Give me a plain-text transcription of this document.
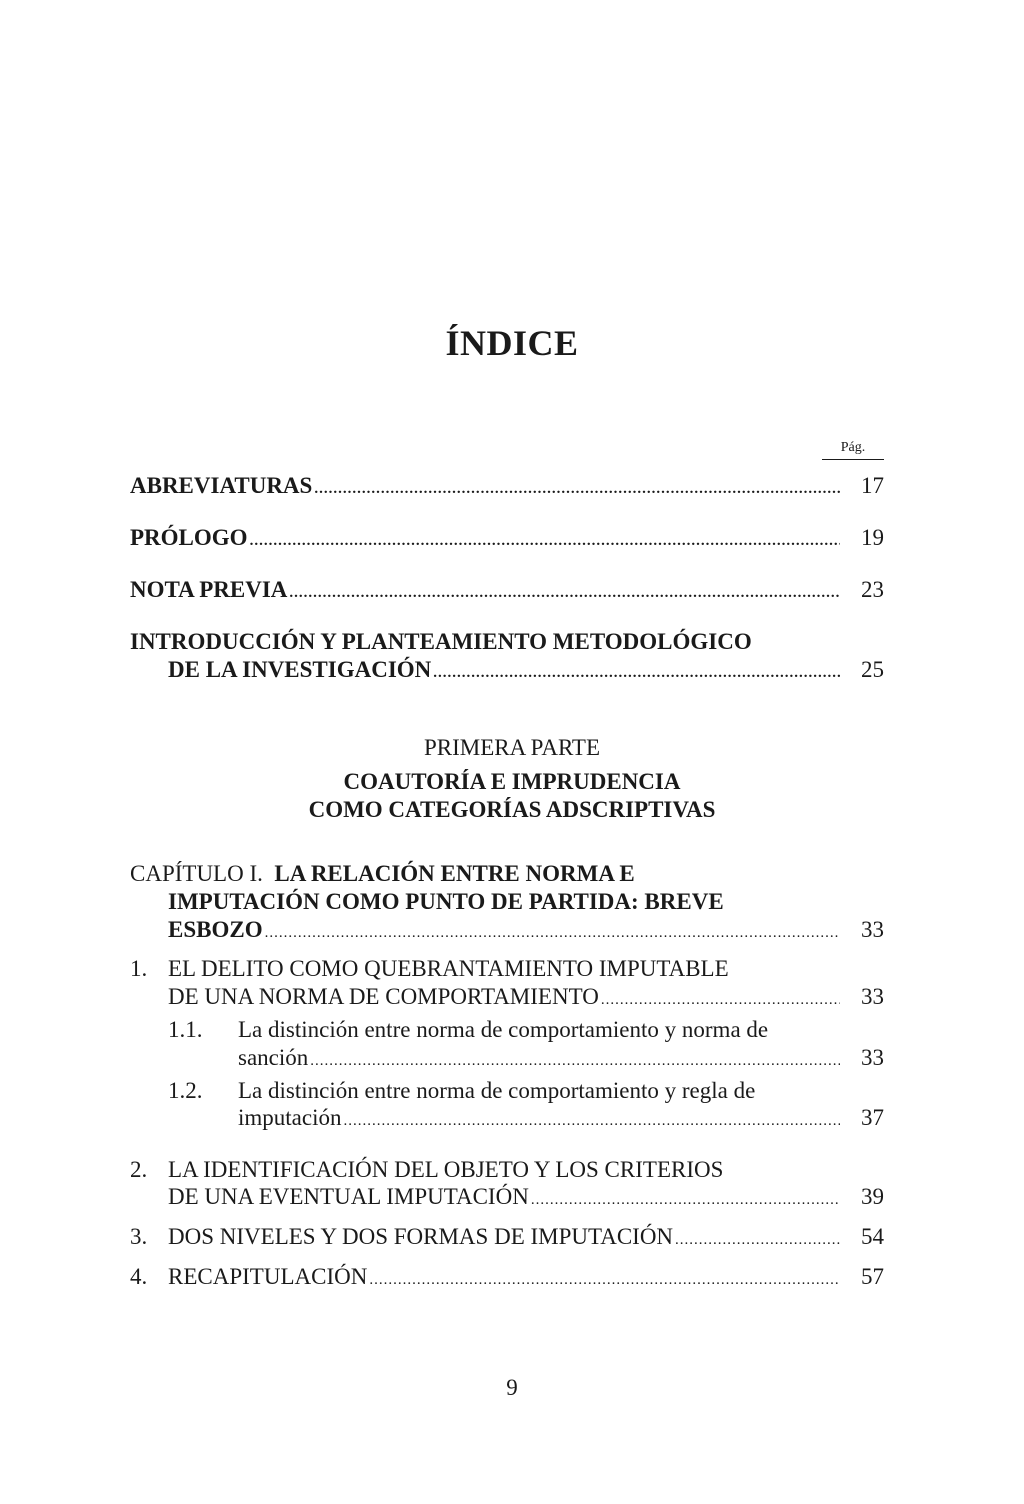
ÍNDICE
Pág.
ABREVIATURAS .....	17
PRÓLOGO .....	19
NOTA PREVIA .....	23
INTRODUCCIÓN Y PLANTEAMIENTO METODOLÓGICO
DE LA INVESTIGACIÓN .....	25
PRIMERA PARTE
COAUTORÍA E IMPRUDENCIA
COMO CATEGORÍAS ADSCRIPTIVAS
CAPÍTULO I. LA RELACIÓN ENTRE NORMA E
IMPUTACIÓN COMO PUNTO DE PARTIDA: BREVE
ESBOZO .....	33
1. EL DELITO COMO QUEBRANTAMIENTO IMPUTABLE
DE UNA NORMA DE COMPORTAMIENTO .....	33
1.1. La distinción entre norma de comportamiento y norma de
sanción .....	33
1.2. La distinción entre norma de comportamiento y regla de
imputación .....	37
2. LA IDENTIFICACIÓN DEL OBJETO Y LOS CRITERIOS
DE UNA EVENTUAL IMPUTACIÓN .....	39
3. DOS NIVELES Y DOS FORMAS DE IMPUTACIÓN .....	54
4. RECAPITULACIÓN .....	57
9
